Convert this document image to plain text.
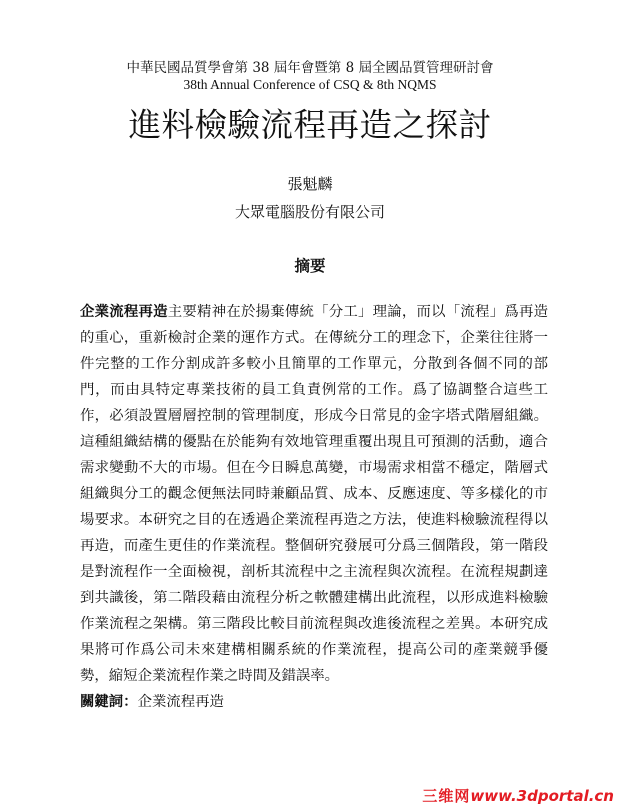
中華民國品質學會第 38 屆年會暨第 8 屆全國品質管理研討會
38th Annual Conference of CSQ & 8th NQMS
進料檢驗流程再造之探討
張魁麟
大眾電腦股份有限公司
摘要
企業流程再造主要精神在於揚棄傳統「分工」理論，而以「流程」爲再造
的重心，重新檢討企業的運作方式。在傳統分工的理念下，企業往往將一
件完整的工作分割成許多較小且簡單的工作單元，分散到各個不同的部
門，而由具特定專業技術的員工負責例常的工作。爲了協調整合這些工
作，必須設置層層控制的管理制度，形成今日常見的金字塔式階層組織。
這種組織結構的優點在於能夠有效地管理重覆出現且可預測的活動，適合
需求變動不大的市場。但在今日瞬息萬變，市場需求相當不穩定，階層式
組織與分工的觀念便無法同時兼顧品質、成本、反應速度、等多樣化的市
場要求。本研究之目的在透過企業流程再造之方法，使進料檢驗流程得以
再造，而產生更佳的作業流程。整個研究發展可分爲三個階段，第一階段
是對流程作一全面檢視，剖析其流程中之主流程與次流程。在流程規劃達
到共識後，第二階段藉由流程分析之軟體建構出此流程，以形成進料檢驗
作業流程之架構。第三階段比較目前流程與改進後流程之差異。本研究成
果將可作爲公司未來建構相關系統的作業流程，提高公司的產業競爭優
勢，縮短企業流程作業之時間及錯誤率。
關鍵詞：企業流程再造
三维网www.3dportal.cn
